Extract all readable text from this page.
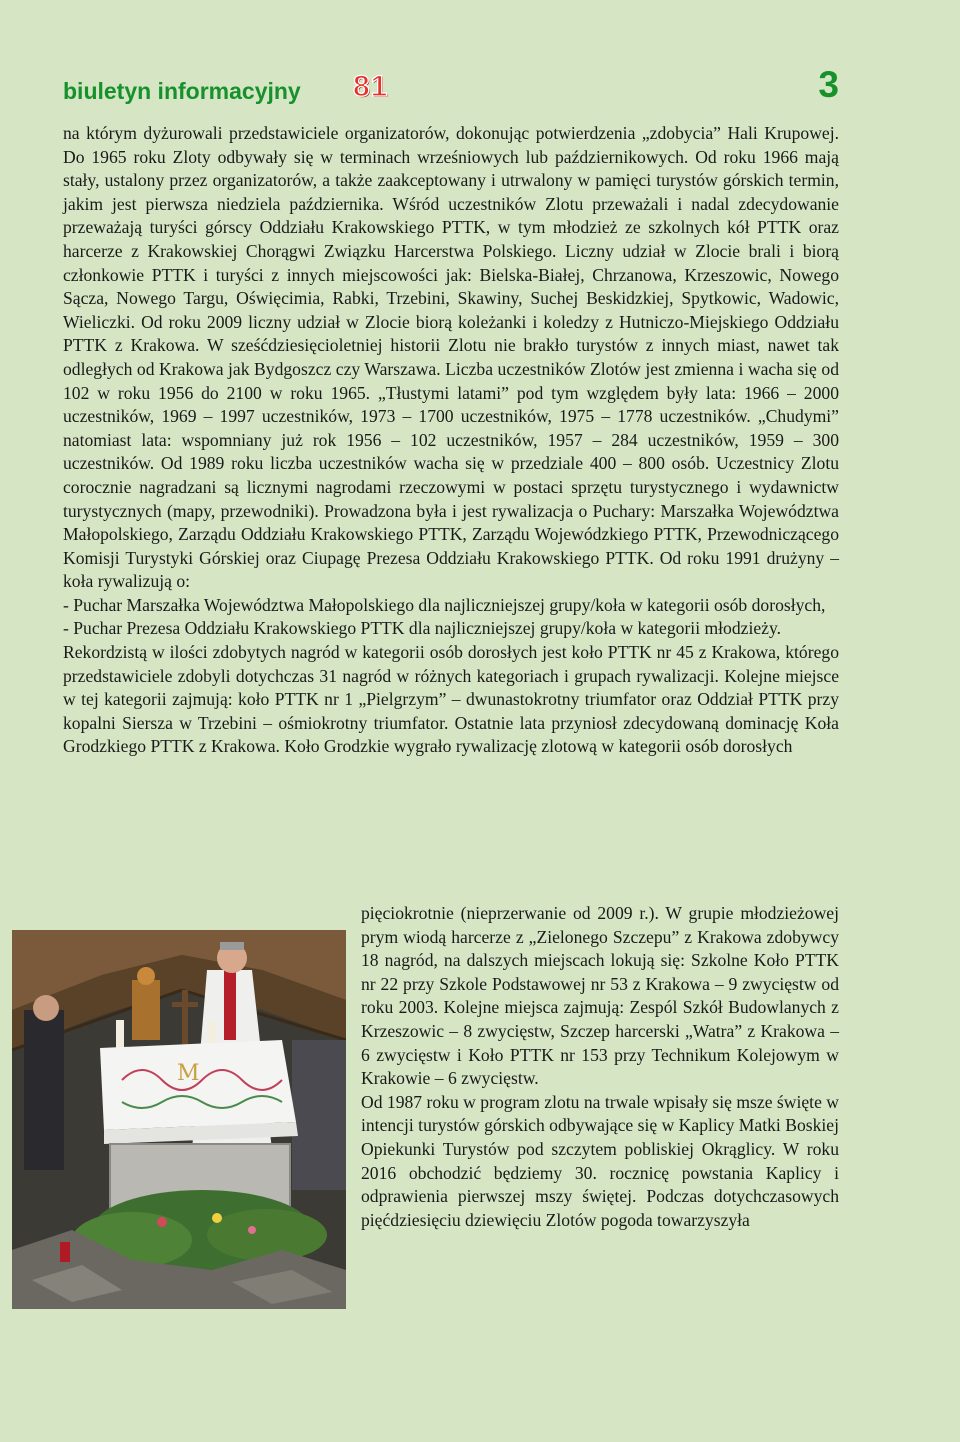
biuletyn informacyjny 81	3

na którym dyżurowali przedstawiciele organizatorów, dokonując potwierdzenia „zdobycia” Hali Krupowej. Do 1965 roku Zloty odbywały się w terminach wrześniowych lub październikowych. Od roku 1966 mają stały, ustalony przez organizatorów, a także zaakceptowany i utrwalony w pamięci turystów górskich termin, jakim jest pierwsza niedziela października. Wśród uczestników Zlotu przeważali i nadal zdecydowanie przeważają turyści górscy Oddziału Krakowskiego PTTK, w tym młodzież ze szkolnych kół PTTK oraz harcerze z Krakowskiej Chorągwi Związku Harcerstwa Polskiego. Liczny udział w Zlocie brali i biorą członkowie PTTK i turyści z innych miejscowości jak: Bielska-Białej, Chrzanowa, Krzeszowic, Nowego Sącza, Nowego Targu, Oświęcimia, Rabki, Trzebini, Skawiny, Suchej Beskidzkiej, Spytkowic, Wadowic, Wieliczki. Od roku 2009 liczny udział w Zlocie biorą koleżanki i koledzy z Hutniczo-Miejskiego Oddziału PTTK z Krakowa. W sześćdziesięcioletniej historii Zlotu nie brakło turystów z innych miast, nawet tak odległych od Krakowa jak Bydgoszcz czy Warszawa. Liczba uczestników Zlotów jest zmienna i wacha się od 102 w roku 1956 do 2100 w roku 1965. „Tłustymi latami” pod tym względem były lata: 1966 – 2000 uczestników, 1969 – 1997 uczestników, 1973 – 1700 uczestników, 1975 – 1778 uczestników. „Chudymi” natomiast lata: wspomniany już rok 1956 – 102 uczestników, 1957 – 284 uczestników, 1959 – 300 uczestników. Od 1989 roku liczba uczestników wacha się w przedziale 400 – 800 osób. Uczestnicy Zlotu corocznie nagradzani są licznymi nagrodami rzeczowymi w postaci sprzętu turystycznego i wydawnictw turystycznych (mapy, przewodniki). Prowadzona była i jest rywalizacja o Puchary: Marszałka Województwa Małopolskiego, Zarządu Oddziału Krakowskiego PTTK, Zarządu Wojewódzkiego PTTK, Przewodniczącego Komisji Turystyki Górskiej oraz Ciupagę Prezesa Oddziału Krakowskiego PTTK. Od roku 1991 drużyny – koła rywalizują o:

- Puchar Marszałka Województwa Małopolskiego dla najliczniejszej grupy/koła w kategorii osób dorosłych,

- Puchar Prezesa Oddziału Krakowskiego PTTK dla najliczniejszej grupy/koła w kategorii młodzieży.

Rekordzistą w ilości zdobytych nagród w kategorii osób dorosłych jest koło PTTK nr 45 z Krakowa, którego przedstawiciele zdobyli dotychczas 31 nagród w różnych kategoriach i grupach rywalizacji. Kolejne miejsce w tej kategorii zajmują: koło PTTK nr 1 „Pielgrzym” – dwunastokrotny triumfator oraz Oddział PTTK przy kopalni Siersza w Trzebini – ośmiokrotny triumfator. Ostatnie lata przyniosł zdecydowaną dominację Koła Grodzkiego PTTK z Krakowa. Koło Grodzkie wygrało rywalizację zlotową w kategorii osób dorosłych

M

pięciokrotnie (nieprzerwanie od 2009 r.). W grupie młodzieżowej prym wiodą harcerze z „Zielonego Szczepu” z Krakowa zdobywcy 18 nagród, na dalszych miejscach lokują się: Szkolne Koło PTTK nr 22 przy Szkole Podstawowej nr 53 z Krakowa – 9 zwycięstw od roku 2003. Kolejne miejsca zajmują: Zespól Szkół Budowlanych z Krzeszowic – 8 zwycięstw, Szczep harcerski „Watra” z Krakowa – 6 zwycięstw i Koło PTTK nr 153 przy Technikum Kolejowym w Krakowie – 6 zwycięstw.

Od 1987 roku w program zlotu na trwale wpisały się msze święte w intencji turystów górskich odbywające się w Kaplicy Matki Boskiej Opiekunki Turystów pod szczytem pobliskiej Okrąglicy. W roku 2016 obchodzić będziemy 30. rocznicę powstania Kaplicy i odprawienia pierwszej mszy świętej. Podczas dotychczasowych pięćdziesięciu dziewięciu Zlotów pogoda towarzyszyła
